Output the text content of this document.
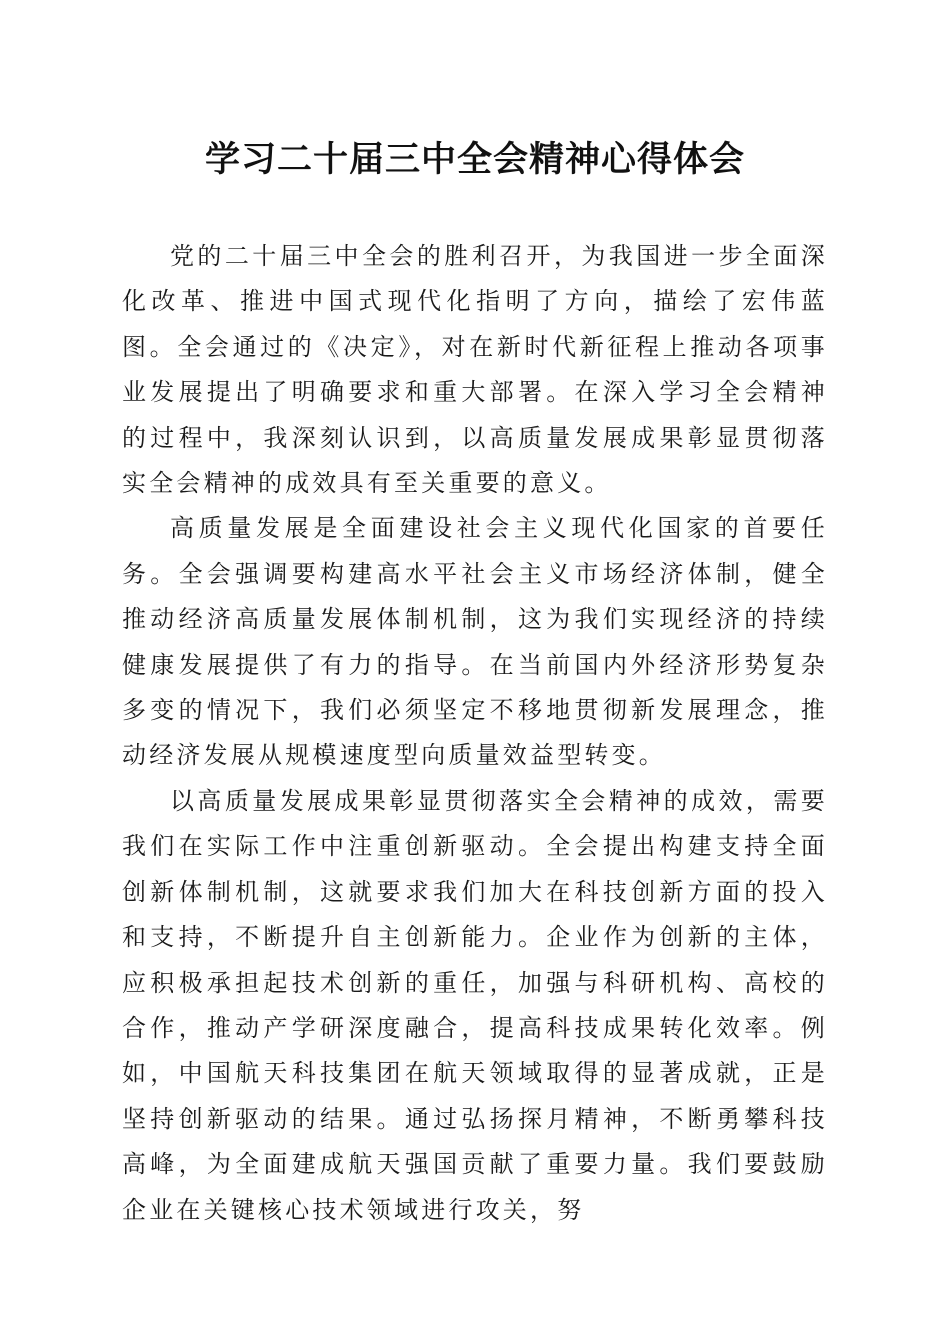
学习二十届三中全会精神心得体会

党的二十届三中全会的胜利召开，为我国进一步全面深化改革、推进中国式现代化指明了方向，描绘了宏伟蓝图。全会通过的《决定》，对在新时代新征程上推动各项事业发展提出了明确要求和重大部署。在深入学习全会精神的过程中，我深刻认识到，以高质量发展成果彰显贯彻落实全会精神的成效具有至关重要的意义。

高质量发展是全面建设社会主义现代化国家的首要任务。全会强调要构建高水平社会主义市场经济体制，健全推动经济高质量发展体制机制，这为我们实现经济的持续健康发展提供了有力的指导。在当前国内外经济形势复杂多变的情况下，我们必须坚定不移地贯彻新发展理念，推动经济发展从规模速度型向质量效益型转变。

以高质量发展成果彰显贯彻落实全会精神的成效，需要我们在实际工作中注重创新驱动。全会提出构建支持全面创新体制机制，这就要求我们加大在科技创新方面的投入和支持，不断提升自主创新能力。企业作为创新的主体，应积极承担起技术创新的重任，加强与科研机构、高校的合作，推动产学研深度融合，提高科技成果转化效率。例如，中国航天科技集团在航天领域取得的显著成就，正是坚持创新驱动的结果。通过弘扬探月精神，不断勇攀科技高峰，为全面建成航天强国贡献了重要力量。我们要鼓励企业在关键核心技术领域进行攻关，努
